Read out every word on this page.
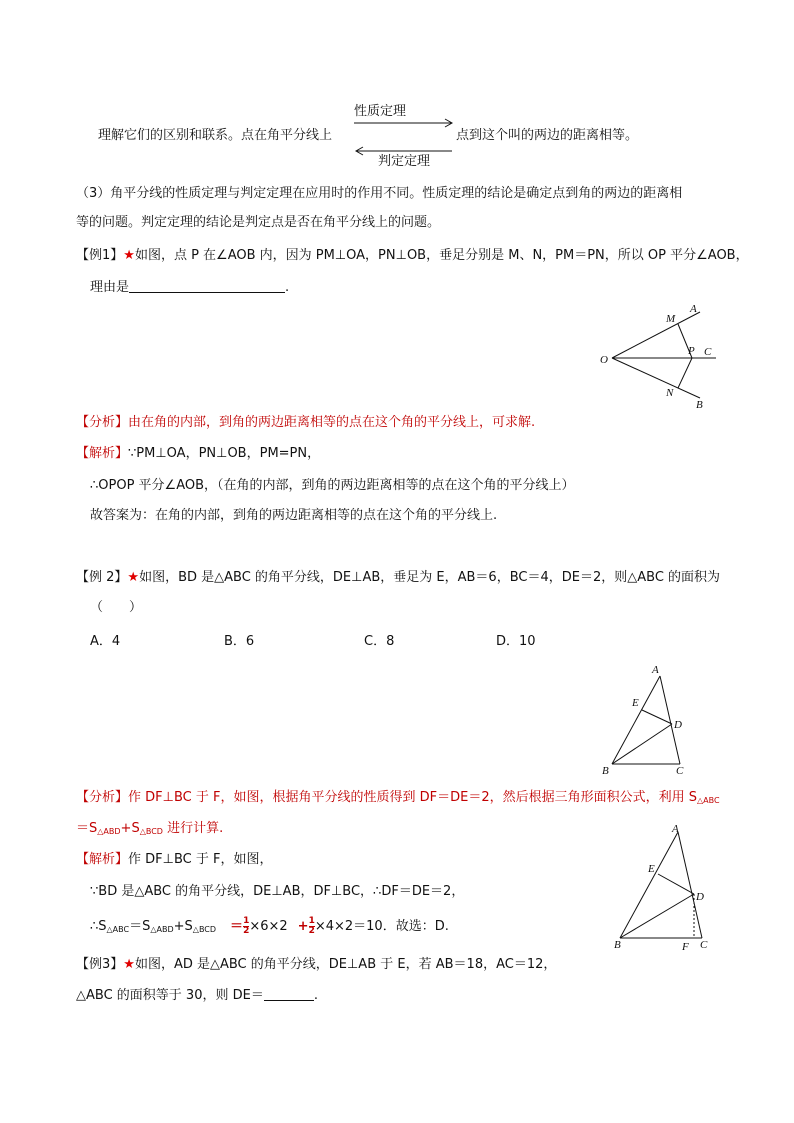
性质定理
理解它们的区别和联系。点在角平分线上	点到这个叫的两边的距离相等。
判定定理
（3）角平分线的性质定理与判定定理在应用时的作用不同。性质定理的结论是确定点到角的两边的距离相
等的问题。判定定理的结论是判定点是否在角平分线上的问题。
【例1】★如图，点 P 在∠AOB 内，因为 PM⊥OA，PN⊥OB，垂足分别是 M、N，PM＝PN，所以 OP 平分∠AOB，
理由是	.
A
M
P C
O
N
B
【分析】由在角的内部，到角的两边距离相等的点在这个角的平分线上，可求解.
【解析】∵PM⊥OA，PN⊥OB，PM=PN，
∴OPOP 平分∠AOB，（在角的内部，到角的两边距离相等的点在这个角的平分线上）
故答案为：在角的内部，到角的两边距离相等的点在这个角的平分线上.
【例 2】★如图，BD 是△ABC 的角平分线，DE⊥AB，垂足为 E，AB＝6，BC＝4，DE＝2，则△ABC 的面积为
（　　）
A．4	B．6	C．8	D．10
A
E
D
B	C
【分析】作 DF⊥BC 于 F，如图，根据角平分线的性质得到 DF＝DE＝2，然后根据三角形面积公式，利用 $S_{\triangle ABC}$
$=S_{\triangle ABD}+S_{\triangle BCD}$ 进行计算.
【解析】作 DF⊥BC 于 F，如图，
∵BD 是△ABC 的角平分线，DE⊥AB，DF⊥BC，∴DF＝DE＝2，
$\therefore S_{\triangle ABC}=S_{\triangle ABD}+S_{\triangle BCD} = \frac{1}{2} \times 6\times 2 + \frac{1}{2} \times 4\times 2=10$．故选：D.
A
E
D
B	F C
【例3】★如图，AD 是△ABC 的角平分线，DE⊥AB 于 E，若 AB＝18，AC＝12，
△ABC 的面积等于 30，则 DE＝	.
